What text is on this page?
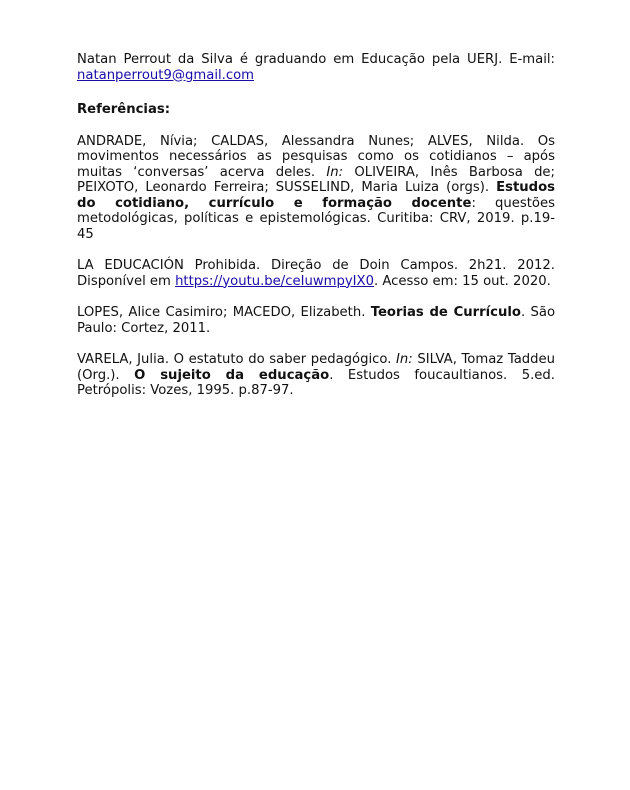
Natan Perrout da Silva é graduando em Educação pela UERJ. E-mail: natanperrout9@gmail.com

Referências:

ANDRADE, Nívia; CALDAS, Alessandra Nunes; ALVES, Nilda. Os movimentos necessários as pesquisas como os cotidianos – após muitas ‘conversas’ acerva deles. In: OLIVEIRA, Inês Barbosa de; PEIXOTO, Leonardo Ferreira; SUSSELIND, Maria Luiza (orgs). Estudos do cotidiano, currículo e formação docente: questões metodológicas, políticas e epistemológicas. Curitiba: CRV, 2019. p.19-45

LA EDUCACIÓN Prohibida. Direção de Doin Campos. 2h21. 2012. Disponível em https://youtu.be/ceIuwmpyIX0. Acesso em: 15 out. 2020.

LOPES, Alice Casimiro; MACEDO, Elizabeth. Teorias de Currículo. São Paulo: Cortez, 2011.

VARELA, Julia. O estatuto do saber pedagógico. In: SILVA, Tomaz Taddeu (Org.). O sujeito da educação. Estudos foucaultianos. 5.ed. Petrópolis: Vozes, 1995. p.87-97.
